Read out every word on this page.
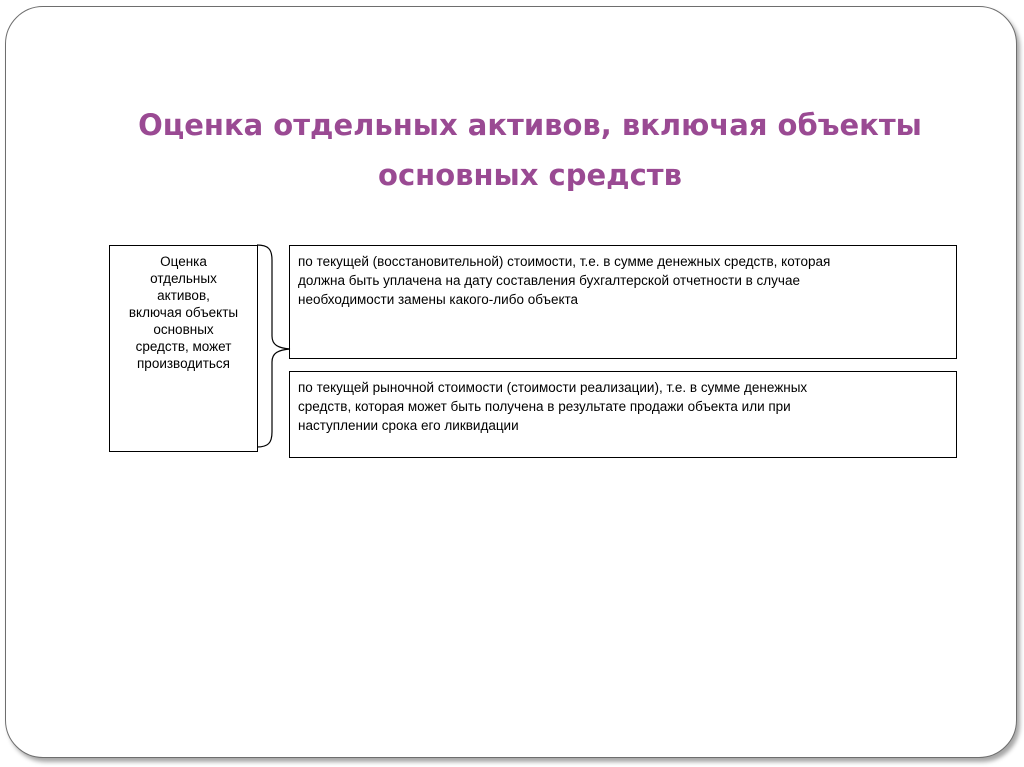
Оценка отдельных активов, включая объекты
основных средств
Оценка
отдельных
активов,
включая объекты
основных
средств, может
производиться
по текущей (восстановительной) стоимости, т.е. в сумме денежных средств, которая
должна быть уплачена на дату составления бухгалтерской отчетности в случае
необходимости замены какого-либо объекта
по текущей рыночной стоимости (стоимости реализации), т.е. в сумме денежных
средств, которая может быть получена в результате продажи объекта или при
наступлении срока его ликвидации
